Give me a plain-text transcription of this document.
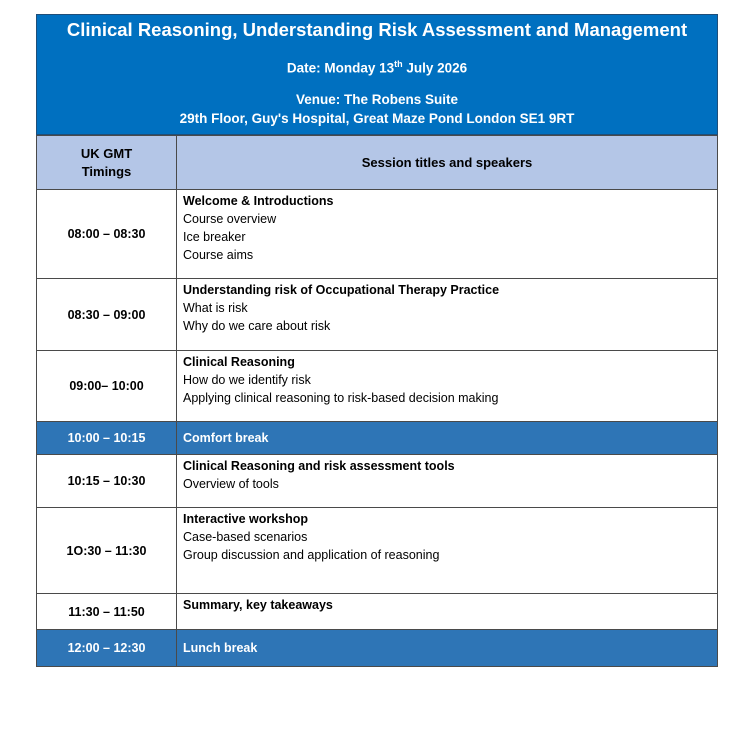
Clinical Reasoning, Understanding Risk Assessment and Management
Date: Monday 13th July 2026
Venue: The Robens Suite
29th Floor, Guy's Hospital, Great Maze Pond London SE1 9RT
UK GMT
Timings	Session titles and speakers
08:00 – 08:30	Welcome & Introductions
Course overview
Ice breaker
Course aims

08:30 – 09:00	Understanding risk of Occupational Therapy Practice
What is risk
Why do we care about risk

09:00– 10:00	Clinical Reasoning
How do we identify risk
Applying clinical reasoning to risk-based decision making

10:00 – 10:15	Comfort break
10:15 – 10:30	Clinical Reasoning and risk assessment tools
Overview of tools

1O:30 – 11:30	Interactive workshop
Case-based scenarios
Group discussion and application of reasoning

11:30 – 11:50	Summary, key takeaways

12:00 – 12:30	Lunch break
